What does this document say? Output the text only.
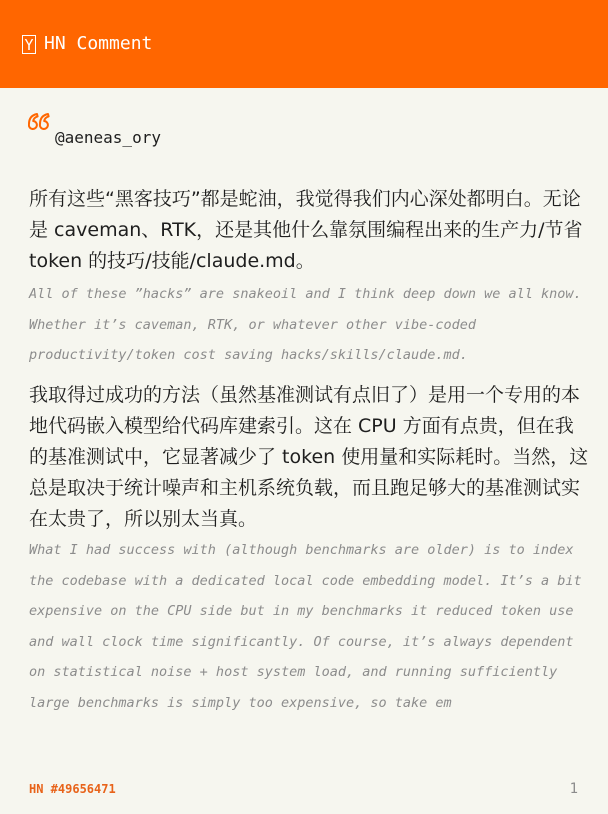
Y HN Comment
@aeneas_ory

所有这些“黑客技巧”都是蛇油，我觉得我们内心深处都明白。无论是 caveman、RTK，还是其他什么靠氛围编程出来的生产力/节省 token 的技巧/技能/claude.md。

All of these ”hacks” are snakeoil and I think deep down we all know. Whether it’s caveman, RTK, or whatever other vibe-coded productivity/token cost saving hacks/skills/claude.md.

我取得过成功的方法（虽然基准测试有点旧了）是用一个专用的本地代码嵌入模型给代码库建索引。这在 CPU 方面有点贵，但在我的基准测试中，它显著减少了 token 使用量和实际耗时。当然，这总是取决于统计噪声和主机系统负载，而且跑足够大的基准测试实在太贵了，所以别太当真。

What I had success with (although benchmarks are older) is to index the codebase with a dedicated local code embedding model. It’s a bit expensive on the CPU side but in my benchmarks it reduced token use and wall clock time significantly. Of course, it’s always dependent on statistical noise + host system load, and running sufficiently large benchmarks is simply too expensive, so take em

HN #49656471	1
